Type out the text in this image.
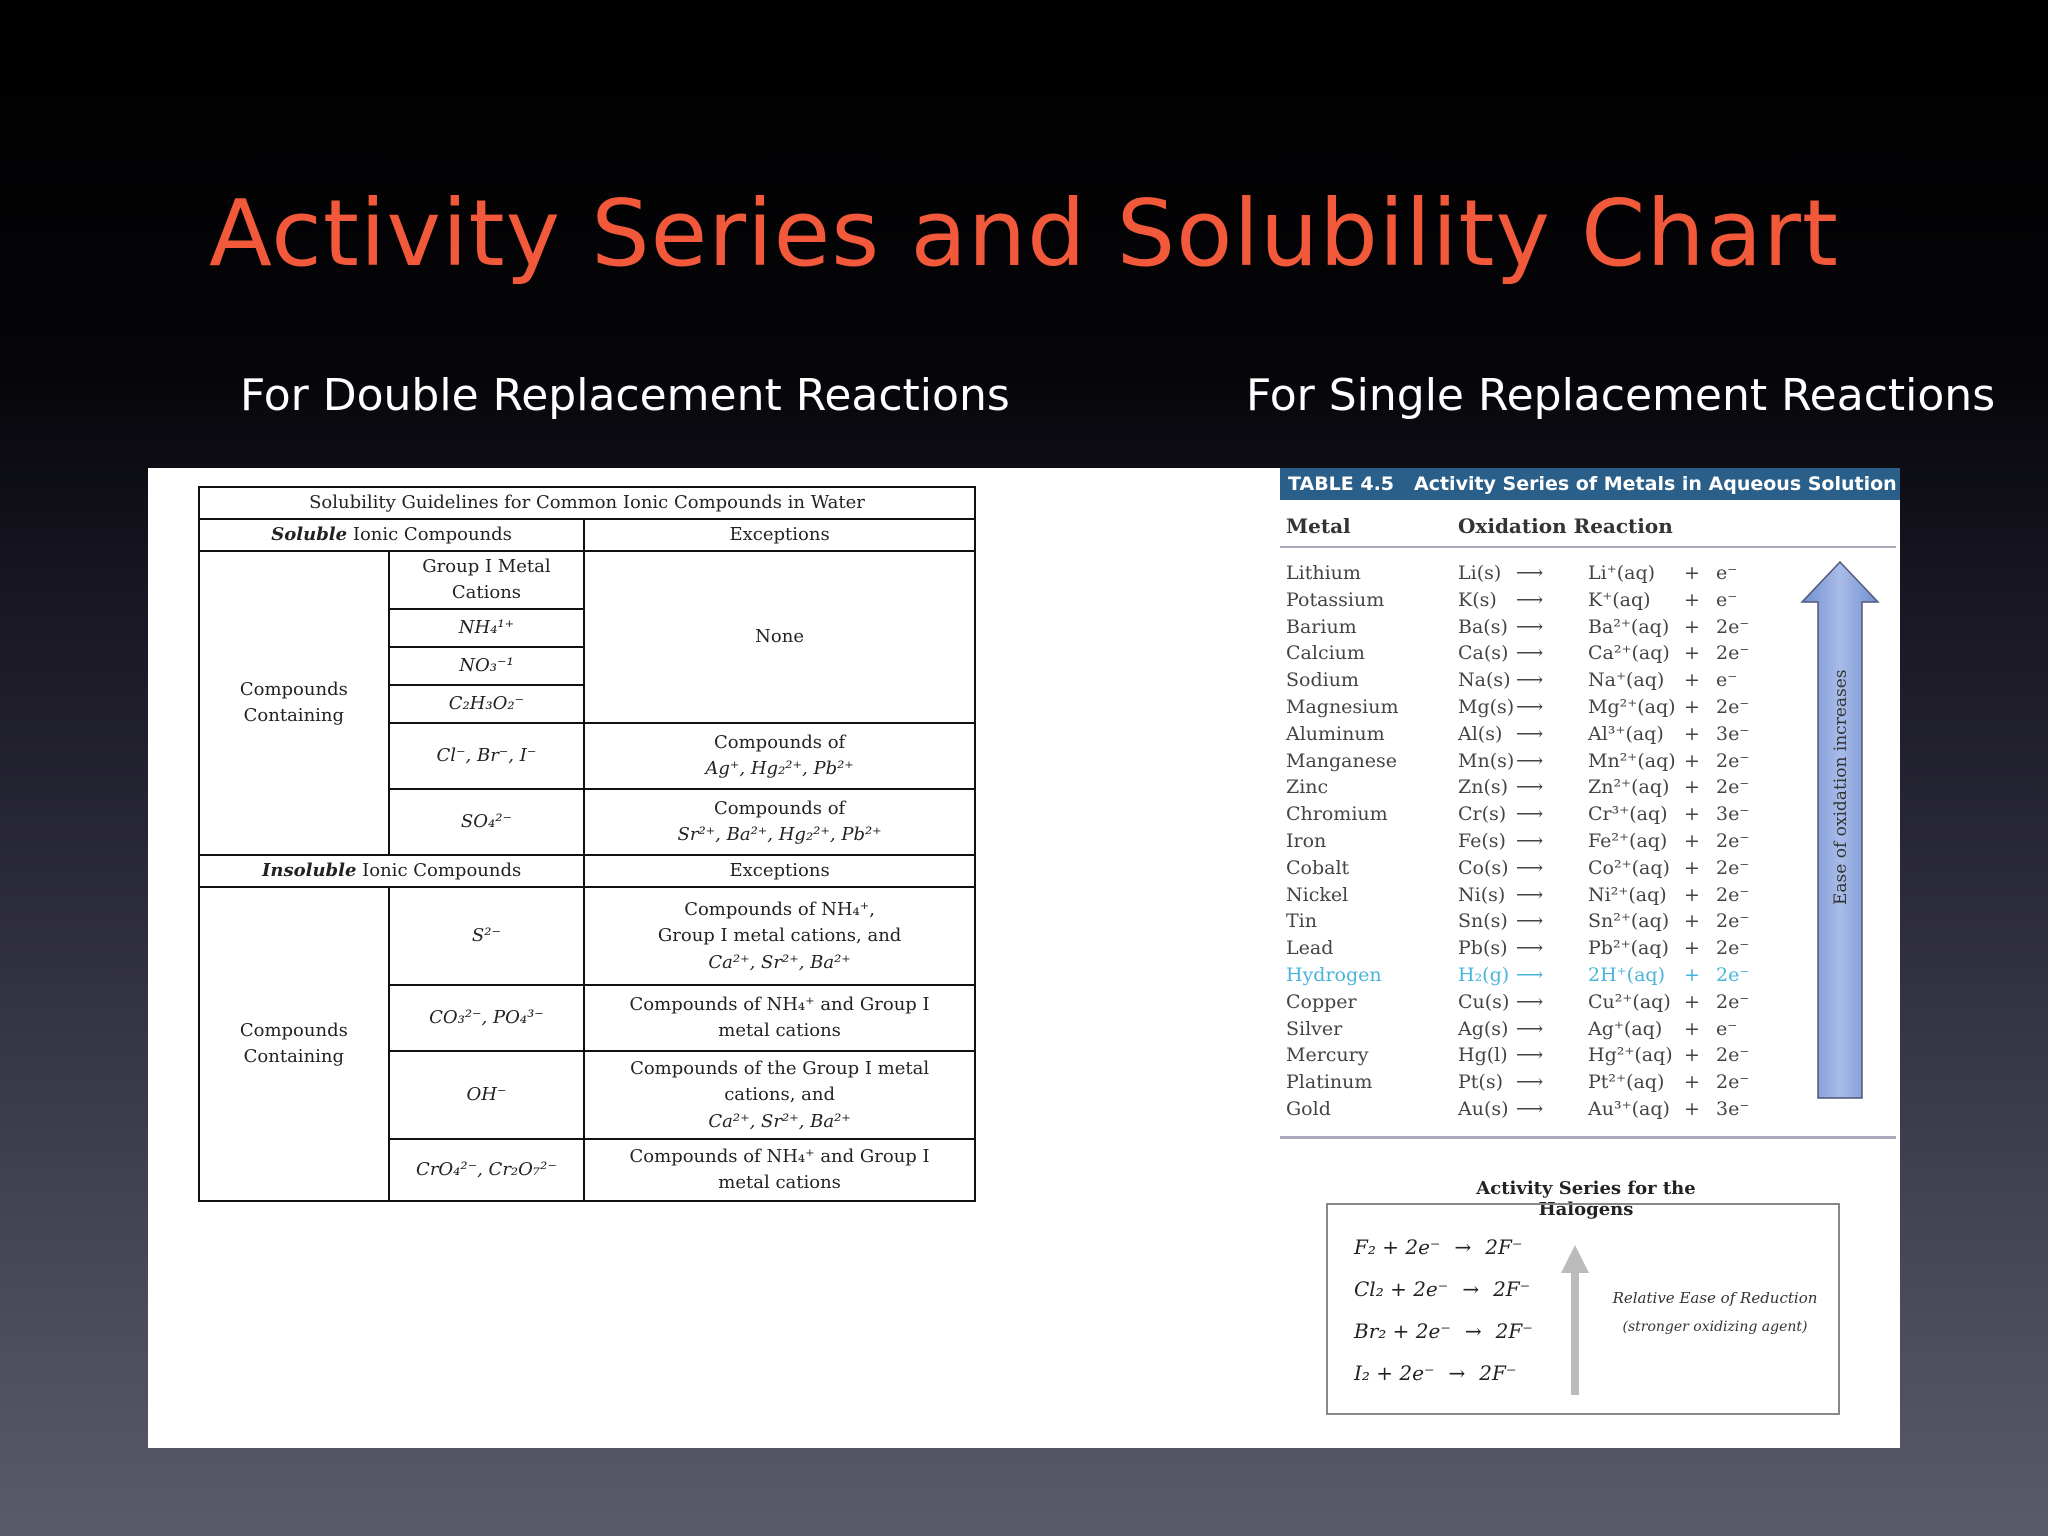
Activity Series and Solubility Chart
For Double Replacement Reactions	For Single Replacement Reactions
Solubility Guidelines for Common Ionic Compounds in Water		
Soluble Ionic Compounds		Exceptions
Compounds Containing	Group I Metal Cations	None
	NH₄¹⁺	
	NO₃⁻¹	
	C₂H₃O₂⁻	
	Cl⁻, Br⁻, I⁻	Compounds of
Ag⁺, Hg₂²⁺, Pb²⁺

	SO₄²⁻	Compounds of
Sr²⁺, Ba²⁺, Hg₂²⁺, Pb²⁺

Insoluble Ionic Compounds		Exceptions
Compounds Containing	S²⁻	Compounds of NH₄⁺,
Group I metal cations, and
Ca²⁺, Sr²⁺, Ba²⁺

	CO₃²⁻, PO₄³⁻	Compounds of NH₄⁺ and Group I
metal cations

	OH⁻	Compounds of the Group I metal
cations, and
Ca²⁺, Sr²⁺, Ba²⁺

	CrO₄²⁻, Cr₂O₇²⁻	Compounds of NH₄⁺ and Group I
metal cations
TABLE 4.5 Activity Series of Metals in Aqueous Solution
Metal	Oxidation Reaction
Lithium	Li(s) ⟶ Li⁺(aq) + e⁻
Potassium	K(s) ⟶ K⁺(aq) + e⁻
Barium	Ba(s) ⟶ Ba²⁺(aq) + 2e⁻
Calcium	Ca(s) ⟶ Ca²⁺(aq) + 2e⁻
Sodium	Na(s) ⟶ Na⁺(aq) + e⁻
Magnesium	Mg(s) ⟶ Mg²⁺(aq) + 2e⁻
Aluminum	Al(s) ⟶ Al³⁺(aq) + 3e⁻
Manganese	Mn(s) ⟶ Mn²⁺(aq) + 2e⁻
Zinc	Zn(s) ⟶ Zn²⁺(aq) + 2e⁻
Chromium	Cr(s) ⟶ Cr³⁺(aq) + 3e⁻
Iron	Fe(s) ⟶ Fe²⁺(aq) + 2e⁻
Cobalt	Co(s) ⟶ Co²⁺(aq) + 2e⁻
Nickel	Ni(s) ⟶ Ni²⁺(aq) + 2e⁻
Tin	Sn(s) ⟶ Sn²⁺(aq) + 2e⁻
Lead	Pb(s) ⟶ Pb²⁺(aq) + 2e⁻
Hydrogen	H₂(g) ⟶ 2H⁺(aq) + 2e⁻
Copper	Cu(s) ⟶ Cu²⁺(aq) + 2e⁻
Silver	Ag(s) ⟶ Ag⁺(aq) + e⁻
Mercury	Hg(l) ⟶ Hg²⁺(aq) + 2e⁻
Platinum	Pt(s) ⟶ Pt²⁺(aq) + 2e⁻
Gold	Au(s) ⟶ Au³⁺(aq) + 3e⁻
Ease of oxidation increases
Activity Series for the Halogens
F₂ + 2e⁻ → 2F⁻
Cl₂ + 2e⁻ → 2F⁻
Br₂ + 2e⁻ → 2F⁻
I₂ + 2e⁻ → 2F⁻
Relative Ease of Reduction
(stronger oxidizing agent)
